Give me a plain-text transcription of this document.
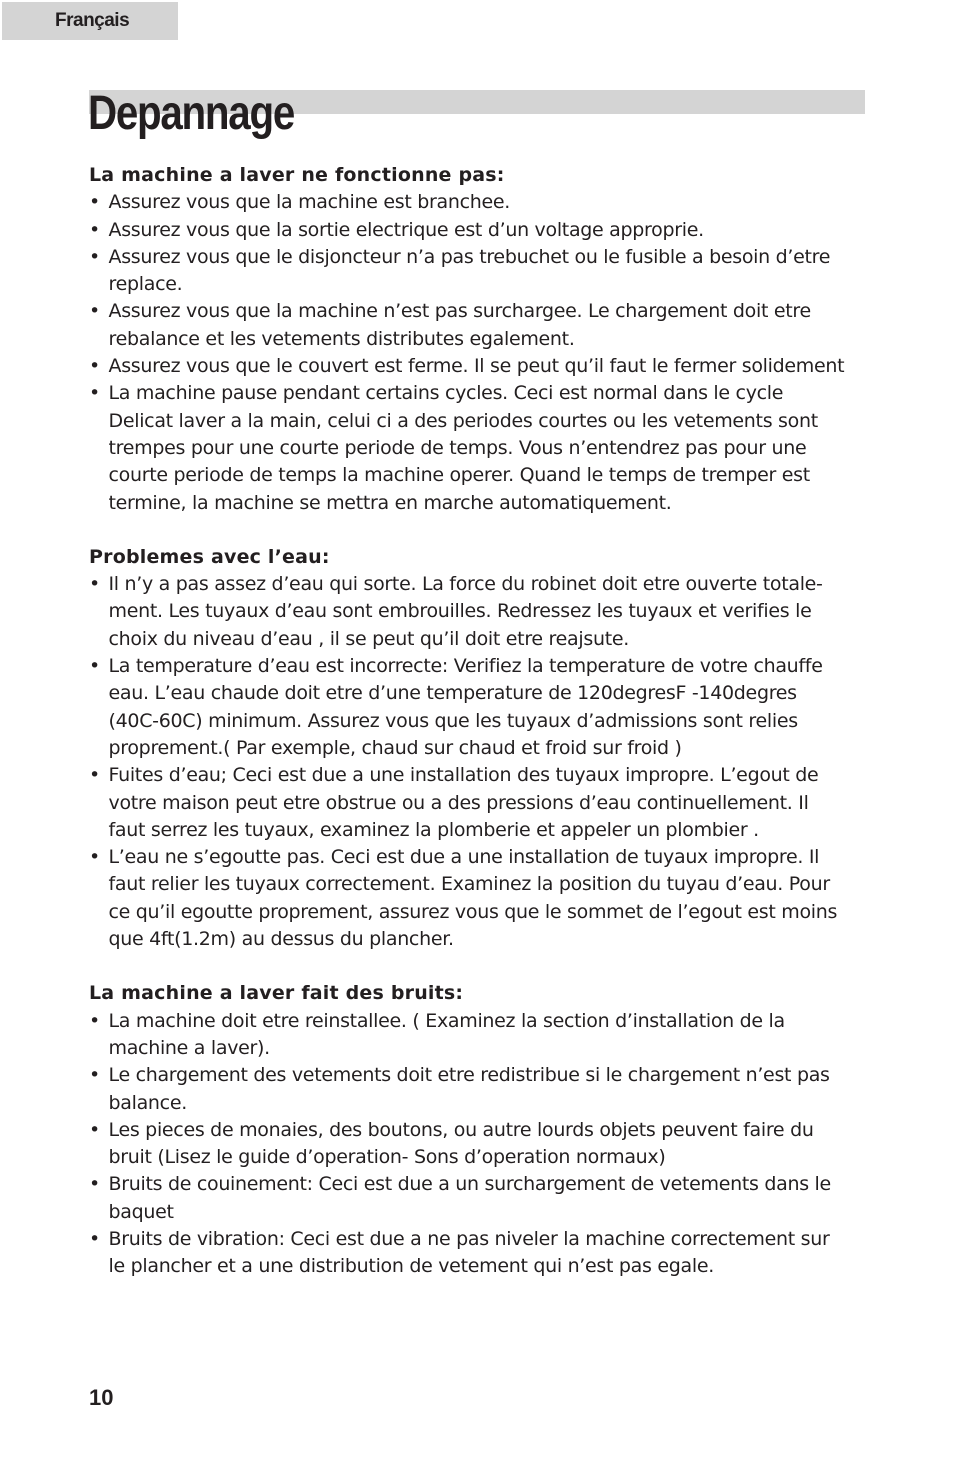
Français
Depannage

La machine a laver ne fonctionne pas:

• Assurez vous que la machine est branchee.
• Assurez vous que la sortie electrique est d’un voltage approprie.
• Assurez vous que le disjoncteur n’a pas trebuchet ou le fusible a besoin d’etre
replace.
• Assurez vous que la machine n’est pas surchargee. Le chargement doit etre
rebalance et les vetements distributes egalement.
• Assurez vous que le couvert est ferme. Il se peut qu’il faut le fermer solidement
• La machine pause pendant certains cycles. Ceci est normal dans le cycle
Delicat laver a la main, celui ci a des periodes courtes ou les vetements sont
trempes pour une courte periode de temps. Vous n’entendrez pas pour une
courte periode de temps la machine operer. Quand le temps de tremper est
termine, la machine se mettra en marche automatiquement.

Problemes avec l’eau:

• Il n’y a pas assez d’eau qui sorte. La force du robinet doit etre ouverte totale-
ment. Les tuyaux d’eau sont embrouilles. Redressez les tuyaux et verifies le
choix du niveau d’eau , il se peut qu’il doit etre reajsute.
• La temperature d’eau est incorrecte: Verifiez la temperature de votre chauffe
eau. L’eau chaude doit etre d’une temperature de 120degresF -140degres
(40C-60C) minimum. Assurez vous que les tuyaux d’admissions sont relies
proprement.( Par exemple, chaud sur chaud et froid sur froid )
• Fuites d’eau; Ceci est due a une installation des tuyaux impropre. L’egout de
votre maison peut etre obstrue ou a des pressions d’eau continuellement. Il
faut serrez les tuyaux, examinez la plomberie et appeler un plombier .
• L’eau ne s’egoutte pas. Ceci est due a une installation de tuyaux impropre. Il
faut relier les tuyaux correctement. Examinez la position du tuyau d’eau. Pour
ce qu’il egoutte proprement, assurez vous que le sommet de l’egout est moins
que 4ft(1.2m) au dessus du plancher.

La machine a laver fait des bruits:

• La machine doit etre reinstallee. ( Examinez la section d’installation de la
machine a laver).
• Le chargement des vetements doit etre redistribue si le chargement n’est pas
balance.
• Les pieces de monaies, des boutons, ou autre lourds objets peuvent faire du
bruit (Lisez le guide d’operation- Sons d’operation normaux)
• Bruits de couinement: Ceci est due a un surchargement de vetements dans le
baquet
• Bruits de vibration: Ceci est due a ne pas niveler la machine correctement sur
le plancher et a une distribution de vetement qui n’est pas egale.
10
